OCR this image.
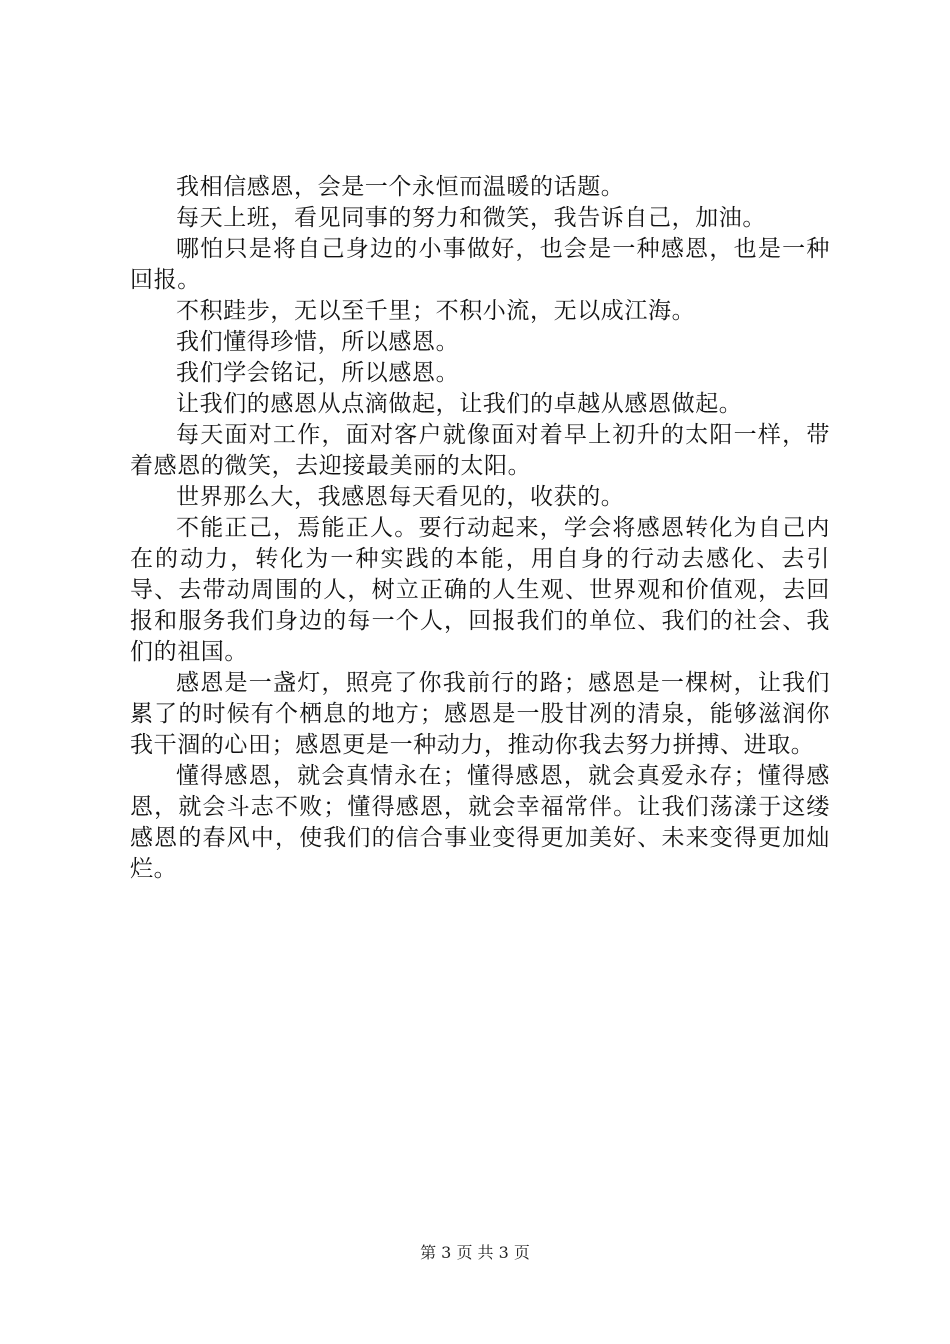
我相信感恩，会是一个永恒而温暖的话题。

每天上班，看见同事的努力和微笑，我告诉自己，加油。

哪怕只是将自己身边的小事做好，也会是一种感恩，也是一种回报。

不积跬步，无以至千里；不积小流，无以成江海。

我们懂得珍惜，所以感恩。

我们学会铭记，所以感恩。

让我们的感恩从点滴做起，让我们的卓越从感恩做起。

每天面对工作，面对客户就像面对着早上初升的太阳一样，带着感恩的微笑，去迎接最美丽的太阳。

世界那么大，我感恩每天看见的，收获的。

不能正己，焉能正人。要行动起来，学会将感恩转化为自己内在的动力，转化为一种实践的本能，用自身的行动去感化、去引导、去带动周围的人，树立正确的人生观、世界观和价值观，去回报和服务我们身边的每一个人，回报我们的单位、我们的社会、我们的祖国。

感恩是一盏灯，照亮了你我前行的路；感恩是一棵树，让我们累了的时候有个栖息的地方；感恩是一股甘冽的清泉，能够滋润你我干涸的心田；感恩更是一种动力，推动你我去努力拼搏、进取。

懂得感恩，就会真情永在；懂得感恩，就会真爱永存；懂得感恩，就会斗志不败；懂得感恩，就会幸福常伴。让我们荡漾于这缕感恩的春风中，使我们的信合事业变得更加美好、未来变得更加灿烂。

第 3 页 共 3 页
